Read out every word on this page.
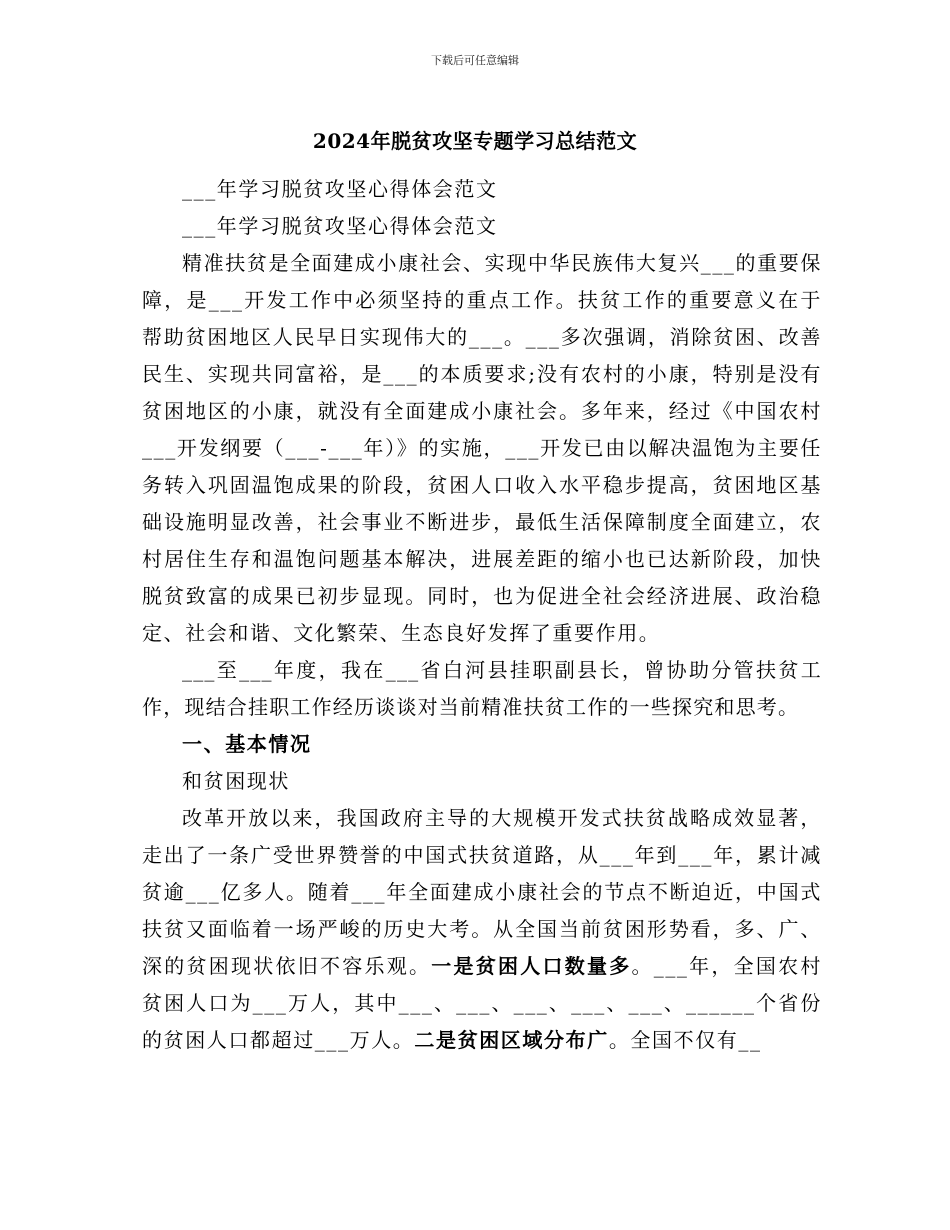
下载后可任意编辑
2024年脱贫攻坚专题学习总结范文

___年学习脱贫攻坚心得体会范文

___年学习脱贫攻坚心得体会范文

精准扶贫是全面建成小康社会、实现中华民族伟大复兴___的重要保障，是___开发工作中必须坚持的重点工作。扶贫工作的重要意义在于帮助贫困地区人民早日实现伟大的___。___多次强调，消除贫困、改善民生、实现共同富裕，是___的本质要求;没有农村的小康，特别是没有贫困地区的小康，就没有全面建成小康社会。多年来，经过《中国农村___开发纲要（___-___年）》的实施，___开发已由以解决温饱为主要任务转入巩固温饱成果的阶段，贫困人口收入水平稳步提高，贫困地区基础设施明显改善，社会事业不断进步，最低生活保障制度全面建立，农村居住生存和温饱问题基本解决，进展差距的缩小也已达新阶段，加快脱贫致富的成果已初步显现。同时，也为促进全社会经济进展、政治稳定、社会和谐、文化繁荣、生态良好发挥了重要作用。

___至___年度，我在___省白河县挂职副县长，曾协助分管扶贫工作，现结合挂职工作经历谈谈对当前精准扶贫工作的一些探究和思考。

一、基本情况

和贫困现状

改革开放以来，我国政府主导的大规模开发式扶贫战略成效显著，走出了一条广受世界赞誉的中国式扶贫道路，从___年到___年，累计减贫逾___亿多人。随着___年全面建成小康社会的节点不断迫近，中国式扶贫又面临着一场严峻的历史大考。从全国当前贫困形势看，多、广、深的贫困现状依旧不容乐观。一是贫困人口数量多。___年，全国农村贫困人口为___万人，其中___、___、___、___、___、______个省份的贫困人口都超过___万人。二是贫困区域分布广。全国不仅有__
